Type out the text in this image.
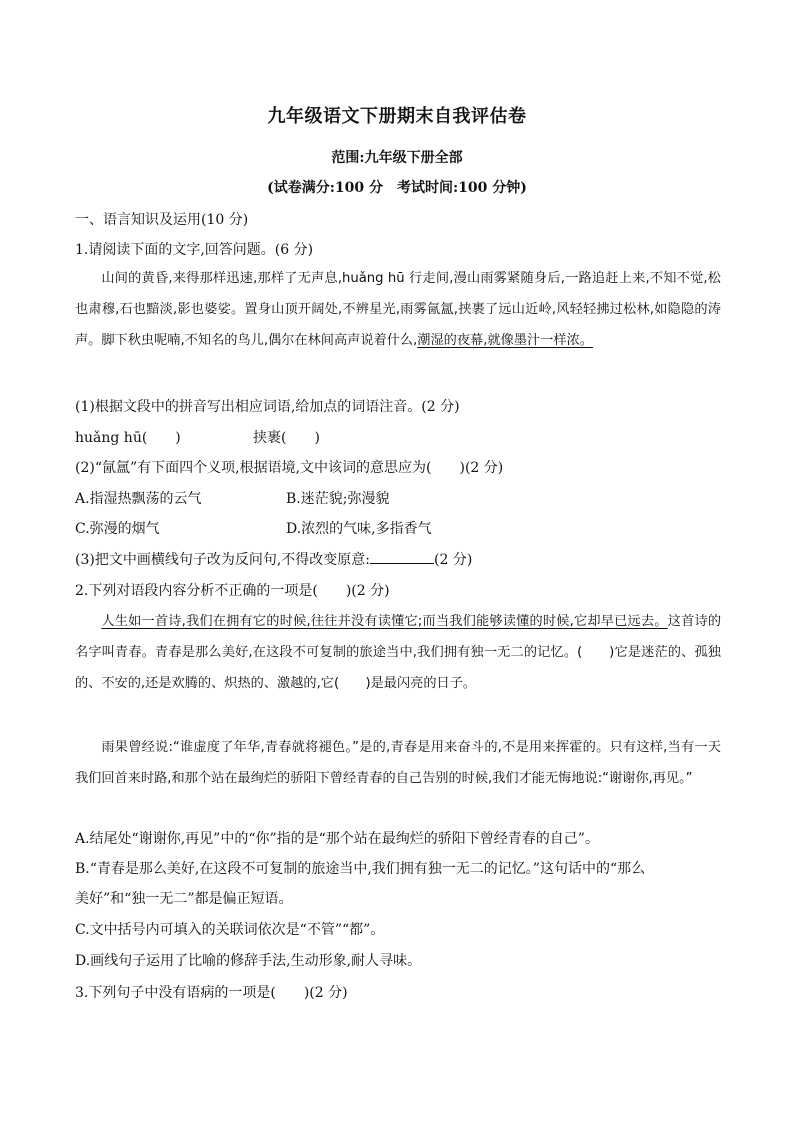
九年级语文下册期末自我评估卷
范围:九年级下册全部
(试卷满分:100 分　考试时间:100 分钟)
一、语言知识及运用(10 分)
1.请阅读下面的文字,回答问题。(6 分)
山间的黄昏,来得那样迅速,那样了无声息,huǎng hū 行走间,漫山雨雾紧随身后,一路追赶上来,不知不觉,松也肃穆,石也黯淡,影也婆娑。置身山顶开阔处,不辨星光,雨雾氤氲,挟裹了远山近岭,风轻轻拂过松林,如隐隐的涛声。脚下秋虫呢喃,不知名的鸟儿,偶尔在林间高声说着什么,潮湿的夜幕,就像墨汁一样浓。
(1)根据文段中的拼音写出相应词语,给加点的词语注音。(2 分)
huǎng hū(　　)	挟裹(　　)
(2)“氤氲”有下面四个义项,根据语境,文中该词的意思应为(　　)(2 分)
A.指湿热飘荡的云气	B.迷茫貌;弥漫貌
C.弥漫的烟气	D.浓烈的气味,多指香气
(3)把文中画横线句子改为反问句,不得改变原意:	(2 分)
2.下列对语段内容分析不正确的一项是(　　)(2 分)
人生如一首诗,我们在拥有它的时候,往往并没有读懂它;而当我们能够读懂的时候,它却早已远去。这首诗的名字叫青春。青春是那么美好,在这段不可复制的旅途当中,我们拥有独一无二的记忆。(　　)它是迷茫的、孤独的、不安的,还是欢腾的、炽热的、激越的,它(　　)是最闪亮的日子。
雨果曾经说:“谁虚度了年华,青春就将褪色。”是的,青春是用来奋斗的,不是用来挥霍的。只有这样,当有一天我们回首来时路,和那个站在最绚烂的骄阳下曾经青春的自己告别的时候,我们才能无悔地说:“谢谢你,再见。”
A.结尾处“谢谢你,再见”中的“你”指的是“那个站在最绚烂的骄阳下曾经青春的自己”。
B.“青春是那么美好,在这段不可复制的旅途当中,我们拥有独一无二的记忆。”这句话中的“那么
美好”和“独一无二”都是偏正短语。
C.文中括号内可填入的关联词依次是“不管”“都”。
D.画线句子运用了比喻的修辞手法,生动形象,耐人寻味。
3.下列句子中没有语病的一项是(　　)(2 分)
